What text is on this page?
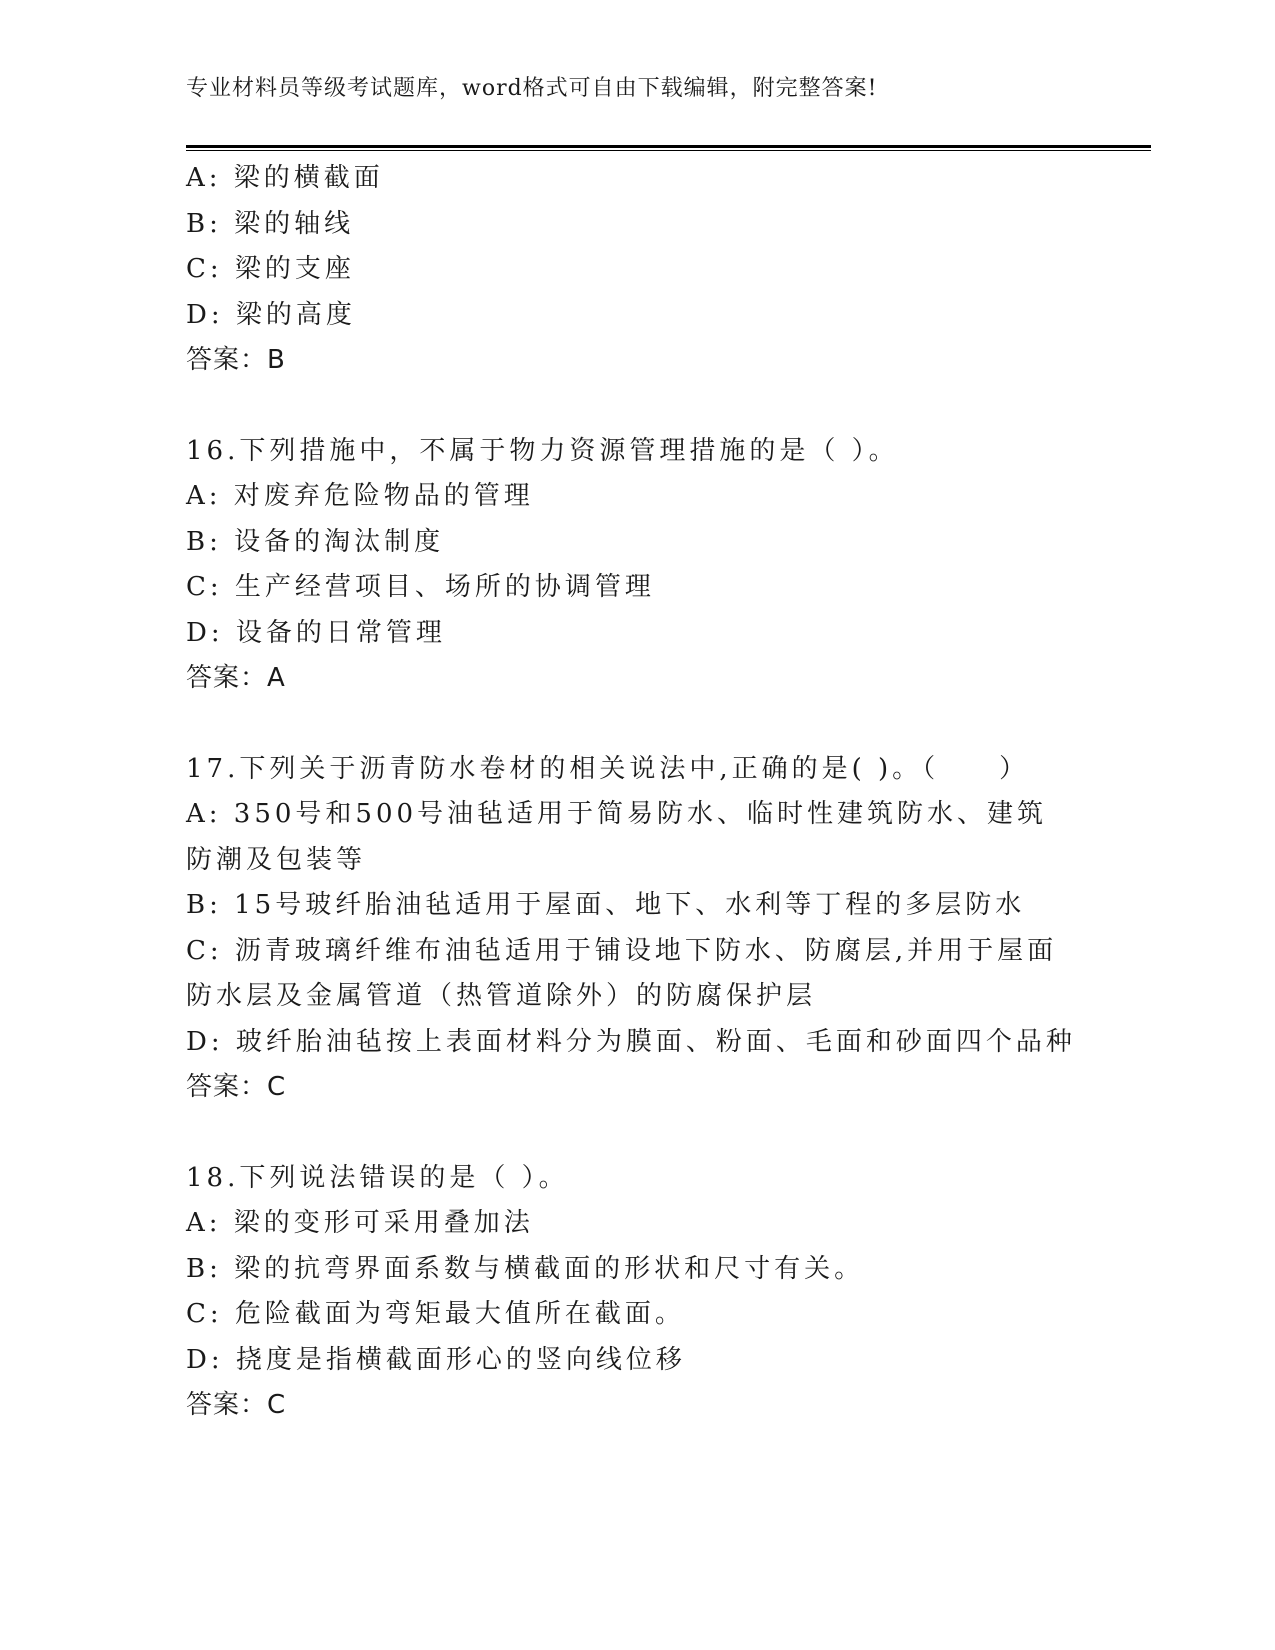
专业材料员等级考试题库，word格式可自由下载编辑，附完整答案!
A: 梁的横截面
B: 梁的轴线
C: 梁的支座
D: 梁的高度
答案：B
16.下列措施中，不属于物力资源管理措施的是（ ）。
A: 对废弃危险物品的管理
B: 设备的淘汰制度
C: 生产经营项目、场所的协调管理
D: 设备的日常管理
答案：A
17.下列关于沥青防水卷材的相关说法中,正确的是( )。（　　）
A: 350号和500号油毡适用于简易防水、临时性建筑防水、建筑防潮及包装等
B: 15号玻纤胎油毡适用于屋面、地下、水利等丁程的多层防水
C: 沥青玻璃纤维布油毡适用于铺设地下防水、防腐层,并用于屋面防水层及金属管道（热管道除外）的防腐保护层
D: 玻纤胎油毡按上表面材料分为膜面、粉面、毛面和砂面四个品种
答案：C
18.下列说法错误的是（ ）。
A: 梁的变形可采用叠加法
B: 梁的抗弯界面系数与横截面的形状和尺寸有关。
C: 危险截面为弯矩最大值所在截面。
D: 挠度是指横截面形心的竖向线位移
答案：C
